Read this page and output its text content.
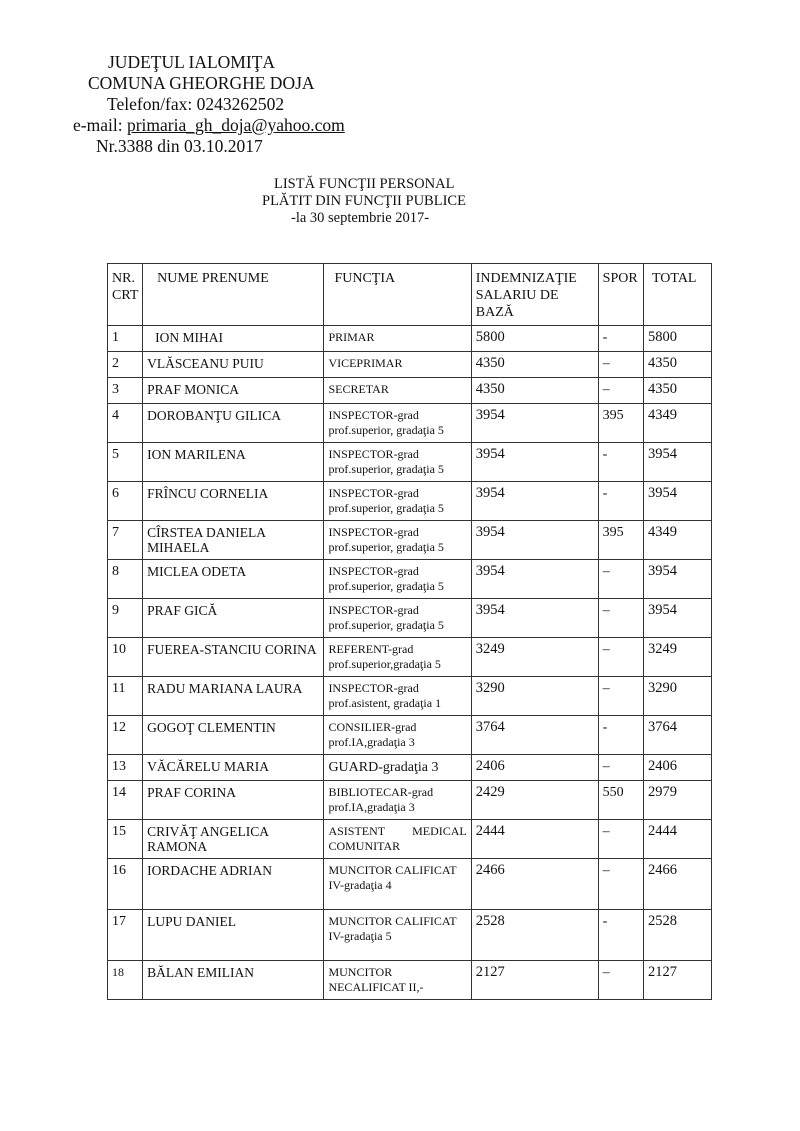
JUDEŢUL IALOMIŢA
COMUNA GHEORGHE DOJA
Telefon/fax: 0243262502
e-mail: primaria_gh_doja@yahoo.com
Nr.3388 din 03.10.2017
LISTĂ FUNCŢII PERSONAL
PLĂTIT DIN FUNCŢII PUBLICE
-la 30 septembrie 2017-
NR. CRT	NUME PRENUME	FUNCŢIA	INDEMNIZAŢIE SALARIU DE BAZĂ	SPOR	TOTAL
1	ION MIHAI	PRIMAR	5800	-	5800
2	VLĂSCEANU PUIU	VICEPRIMAR	4350	–	4350
3	PRAF MONICA	SECRETAR	4350	–	4350
4	DOROBANŢU GILICA	INSPECTOR-grad prof.superior, gradaţia 5	3954	395	4349
5	ION MARILENA	INSPECTOR-grad prof.superior, gradaţia 5	3954	-	3954
6	FRÎNCU CORNELIA	INSPECTOR-grad prof.superior, gradaţia 5	3954	-	3954
7	CÎRSTEA DANIELA MIHAELA	INSPECTOR-grad prof.superior, gradaţia 5	3954	395	4349
8	MICLEA ODETA	INSPECTOR-grad prof.superior, gradaţia 5	3954	–	3954
9	PRAF GICĂ	INSPECTOR-grad prof.superior, gradaţia 5	3954	–	3954
10	FUEREA-STANCIU CORINA	REFERENT-grad prof.superior,gradaţia 5	3249	–	3249
11	RADU MARIANA LAURA	INSPECTOR-grad prof.asistent, gradaţia 1	3290	–	3290
12	GOGOŢ CLEMENTIN	CONSILIER-grad prof.IA,gradaţia 3	3764	-	3764
13	VĂCĂRELU MARIA	GUARD-gradaţia 3	2406	–	2406
14	PRAF CORINA	BIBLIOTECAR-grad prof.IA,gradaţia 3	2429	550	2979
15	CRIVĂŢ ANGELICA RAMONA	ASISTENT MEDICAL COMUNITAR	2444	–	2444
16	IORDACHE ADRIAN	MUNCITOR CALIFICAT IV-gradaţia 4	2466	–	2466
17	LUPU DANIEL	MUNCITOR CALIFICAT IV-gradaţia 5	2528	-	2528
18	BĂLAN EMILIAN	MUNCITOR NECALIFICAT II,-	2127	–	2127
